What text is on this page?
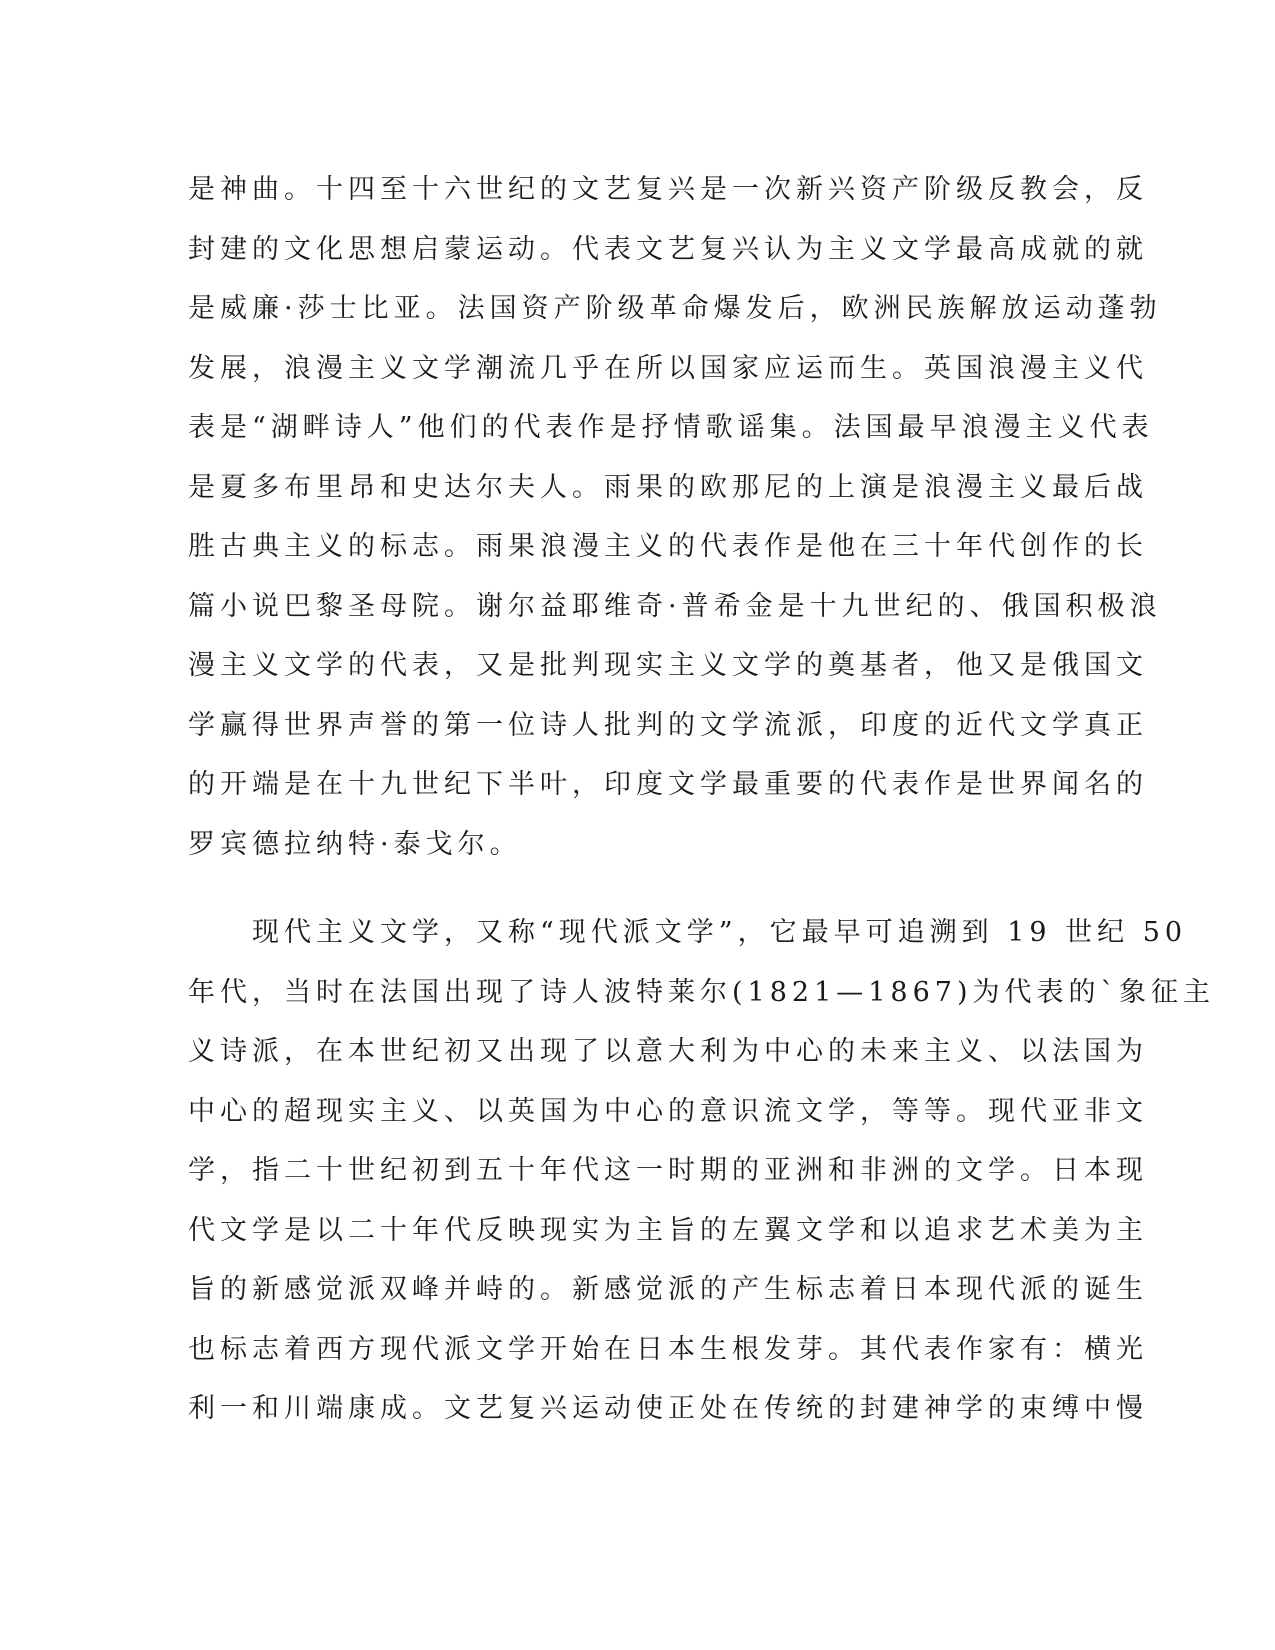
是神曲。十四至十六世纪的文艺复兴是一次新兴资产阶级反教会，反
封建的文化思想启蒙运动。代表文艺复兴认为主义文学最高成就的就
是威廉·莎士比亚。法国资产阶级革命爆发后，欧洲民族解放运动蓬勃
发展，浪漫主义文学潮流几乎在所以国家应运而生。英国浪漫主义代
表是“湖畔诗人”他们的代表作是抒情歌谣集。法国最早浪漫主义代表
是夏多布里昂和史达尔夫人。雨果的欧那尼的上演是浪漫主义最后战
胜古典主义的标志。雨果浪漫主义的代表作是他在三十年代创作的长
篇小说巴黎圣母院。谢尔益耶维奇·普希金是十九世纪的、俄国积极浪
漫主义文学的代表，又是批判现实主义文学的奠基者，他又是俄国文
学赢得世界声誉的第一位诗人批判的文学流派，印度的近代文学真正
的开端是在十九世纪下半叶，印度文学最重要的代表作是世界闻名的
罗宾德拉纳特·泰戈尔。
　　现代主义文学，又称“现代派文学”，它最早可追溯到 19 世纪 50
年代，当时在法国出现了诗人波特莱尔(1821—1867)为代表的`象征主
义诗派，在本世纪初又出现了以意大利为中心的未来主义、以法国为
中心的超现实主义、以英国为中心的意识流文学，等等。现代亚非文
学，指二十世纪初到五十年代这一时期的亚洲和非洲的文学。日本现
代文学是以二十年代反映现实为主旨的左翼文学和以追求艺术美为主
旨的新感觉派双峰并峙的。新感觉派的产生标志着日本现代派的诞生
也标志着西方现代派文学开始在日本生根发芽。其代表作家有：横光
利一和川端康成。文艺复兴运动使正处在传统的封建神学的束缚中慢
